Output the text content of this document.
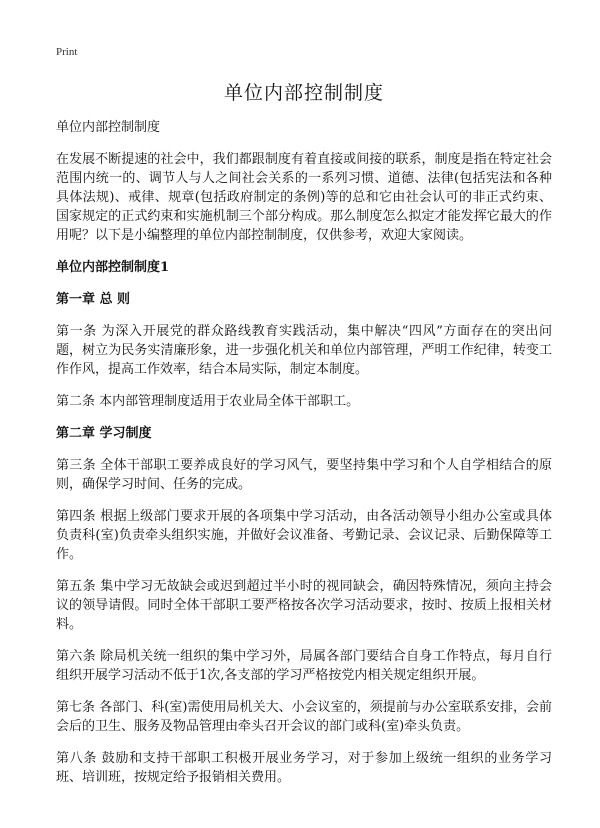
Print
单位内部控制制度

单位内部控制制度

在发展不断提速的社会中，我们都跟制度有着直接或间接的联系，制度是指在特定社会范围内统一的、调节人与人之间社会关系的一系列习惯、道德、法律(包括宪法和各种具体法规)、戒律、规章(包括政府制定的条例)等的总和它由社会认可的非正式约束、国家规定的正式约束和实施机制三个部分构成。那么制度怎么拟定才能发挥它最大的作用呢？以下是小编整理的单位内部控制制度，仅供参考，欢迎大家阅读。

单位内部控制制度1

第一章 总 则

第一条 为深入开展党的群众路线教育实践活动，集中解决“四风”方面存在的突出问题，树立为民务实清廉形象，进一步强化机关和单位内部管理，严明工作纪律，转变工作作风，提高工作效率，结合本局实际，制定本制度。

第二条 本内部管理制度适用于农业局全体干部职工。

第二章 学习制度

第三条 全体干部职工要养成良好的学习风气，要坚持集中学习和个人自学相结合的原则，确保学习时间、任务的完成。

第四条 根据上级部门要求开展的各项集中学习活动，由各活动领导小组办公室或具体负责科(室)负责牵头组织实施，并做好会议准备、考勤记录、会议记录、后勤保障等工作。

第五条 集中学习无故缺会或迟到超过半小时的视同缺会，确因特殊情况，须向主持会议的领导请假。同时全体干部职工要严格按各次学习活动要求，按时、按质上报相关材料。

第六条 除局机关统一组织的集中学习外，局属各部门要结合自身工作特点，每月自行组织开展学习活动不低于1次,各支部的学习严格按党内相关规定组织开展。

第七条 各部门、科(室)需使用局机关大、小会议室的，须提前与办公室联系安排，会前会后的卫生、服务及物品管理由牵头召开会议的部门或科(室)牵头负责。

第八条 鼓励和支持干部职工积极开展业务学习，对于参加上级统一组织的业务学习班、培训班，按规定给予报销相关费用。
